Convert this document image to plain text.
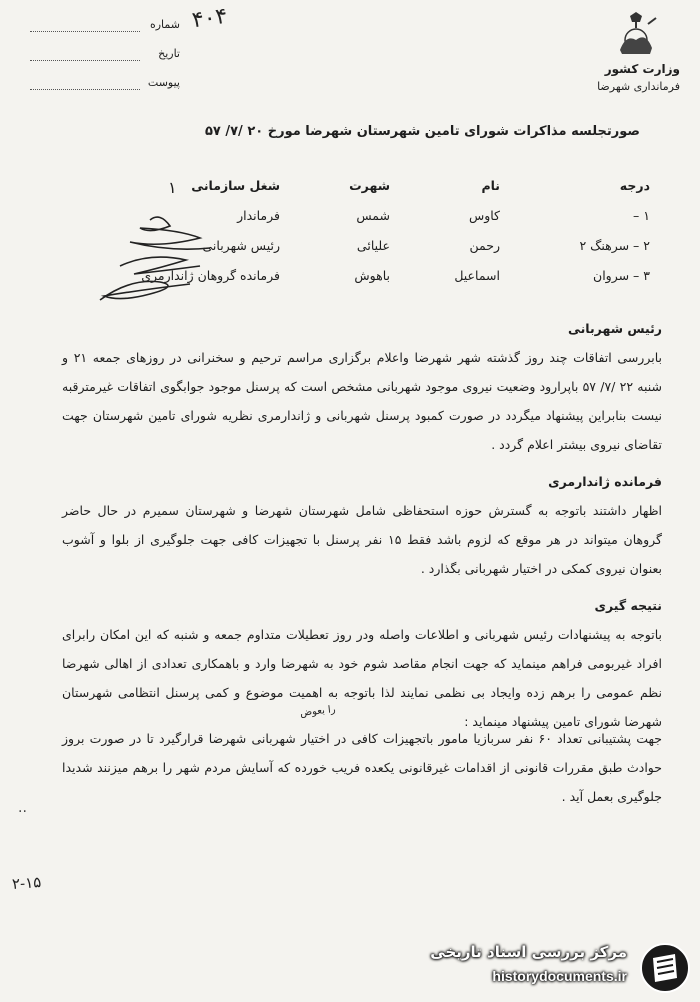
وزارت کشور
فرمانداری شهرضا
شماره
تاریخ
پیوست
۴۰۴
صورتجلسه مذاکرات شورای تامین شهرستان شهرضا مورخ ۲۰ /۷/ ۵۷
درجه
نام
شهرت
شغل سازمانی
۱ –
کاوس
شمس
فرماندار
۲ – سرهنگ ۲
رحمن
علیائی
رئیس شهربانی
۳ – سروان
اسماعیل
باهوش
فرمانده گروهان ژاندارمری
۱
رئیس شهربانی

بابررسی اتفاقات چند روز گذشته شهر شهرضا واعلام برگزاری مراسم ترحیم و سخنرانی در روزهای جمعه ۲۱ و شنبه ۲۲ /۷/ ۵۷ باپرارود وضعیت نیروی موجود شهربانی مشخص است که پرسنل موجود جوابگوی اتفاقات غیرمترقبه نیست بنابراین پیشنهاد میگردد در صورت کمبود پرسنل شهربانی و ژاندارمری نظریه شورای تامین شهرستان جهت تقاضای نیروی بیشتر اعلام گردد .

فرمانده ژاندارمری

اظهار داشتند باتوجه به گسترش حوزه استحفاظی شامل شهرستان شهرضا و شهرستان سمیرم در حال حاضر گروهان میتواند در هر موقع که لزوم باشد فقط ۱۵ نفر پرسنل با تجهیزات کافی جهت جلوگیری از بلوا و آشوب بعنوان نیروی کمکی در اختیار شهربانی بگذارد .

نتیجه گیری

باتوجه به پیشنهادات رئیس شهربانی و اطلاعات واصله ودر روز تعطیلات متداوم جمعه و شنبه که این امکان رابرای افراد غیربومی فراهم مینماید که جهت انجام مقاصد شوم خود به شهرضا وارد و باهمکاری تعدادی از اهالی شهرضا نظم عمومی را برهم زده وایجاد بی نظمی نمایند لذا باتوجه به اهمیت موضوع و کمی پرسنل انتظامی شهرستان شهرضا شورای تامین پیشنهاد مینماید :

جهت پشتیبانی تعداد ۶۰ نفر سربازیا مامور باتجهیزات کافی در اختیار شهربانی شهرضا قرارگیرد تا در صورت بروز حوادث طبق مقررات قانونی از اقدامات غیرقانونی یکعده فریب خورده که آسایش مردم شهر را برهم میزنند شدیدا جلوگیری بعمل آید .

را بعوض
..
۲-۱۵
مرکز بررسی اسناد تاریخی
historydocuments.ir
